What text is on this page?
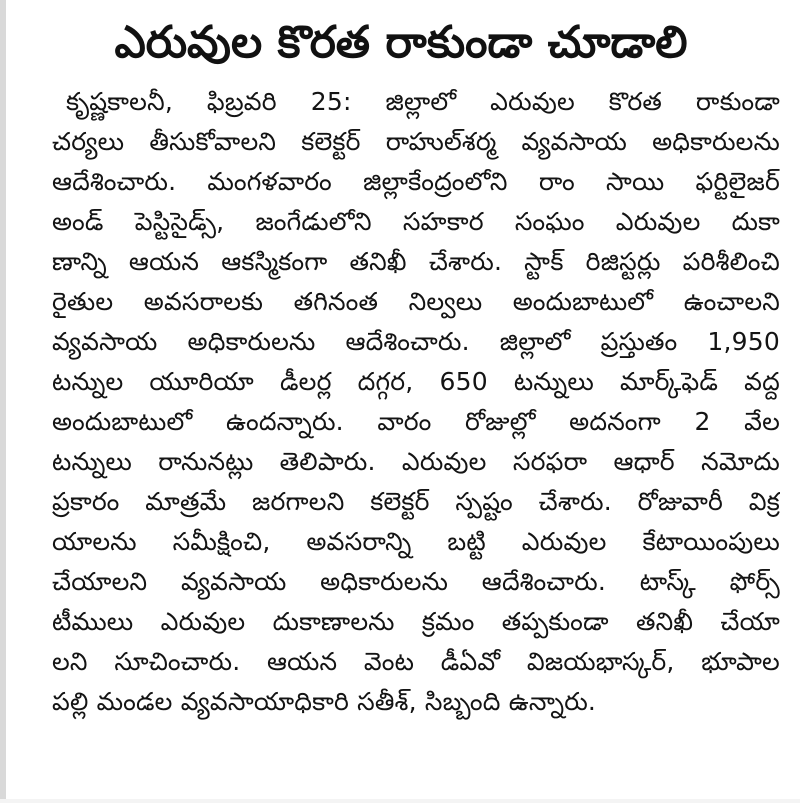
ఎరువుల కొరత రాకుండా చూడాలి
కృష్ణకాలనీ, ఫిబ్రవరి 25: జిల్లాలో ఎరువుల కొరత రాకుండా
చర్యలు తీసుకోవాలని కలెక్టర్ రాహుల్‌శర్మ వ్యవసాయ అధికారులను
ఆదేశించారు. మంగళవారం జిల్లాకేంద్రంలోని రాం సాయి ఫర్టిలైజర్
అండ్ పెస్టిసైడ్స్, జంగేడులోని సహకార సంఘం ఎరువుల దుకా
ణాన్ని ఆయన ఆకస్మికంగా తనిఖీ చేశారు. స్టాక్ రిజిస్టర్లు పరిశీలించి
రైతుల అవసరాలకు తగినంత నిల్వలు అందుబాటులో ఉంచాలని
వ్యవసాయ అధికారులను ఆదేశించారు. జిల్లాలో ప్రస్తుతం 1,950
టన్నుల యూరియా డీలర్ల దగ్గర, 650 టన్నులు మార్క్‌ఫెడ్ వద్ద
అందుబాటులో ఉందన్నారు. వారం రోజుల్లో అదనంగా 2 వేల
టన్నులు రానునట్లు తెలిపారు. ఎరువుల సరఫరా ఆధార్ నమోదు
ప్రకారం మాత్రమే జరగాలని కలెక్టర్ స్పష్టం చేశారు. రోజువారీ విక్ర
యాలను సమీక్షించి, అవసరాన్ని బట్టి ఎరువుల కేటాయింపులు
చేయాలని వ్యవసాయ అధికారులను ఆదేశించారు. టాస్క్ ఫోర్స్
టీములు ఎరువుల దుకాణాలను క్రమం తప్పకుండా తనిఖీ చేయా
లని సూచించారు. ఆయన వెంట డీఏవో విజయభాస్కర్, భూపాల
పల్లి మండల వ్యవసాయాధికారి సతీశ్, సిబ్బంది ఉన్నారు.
